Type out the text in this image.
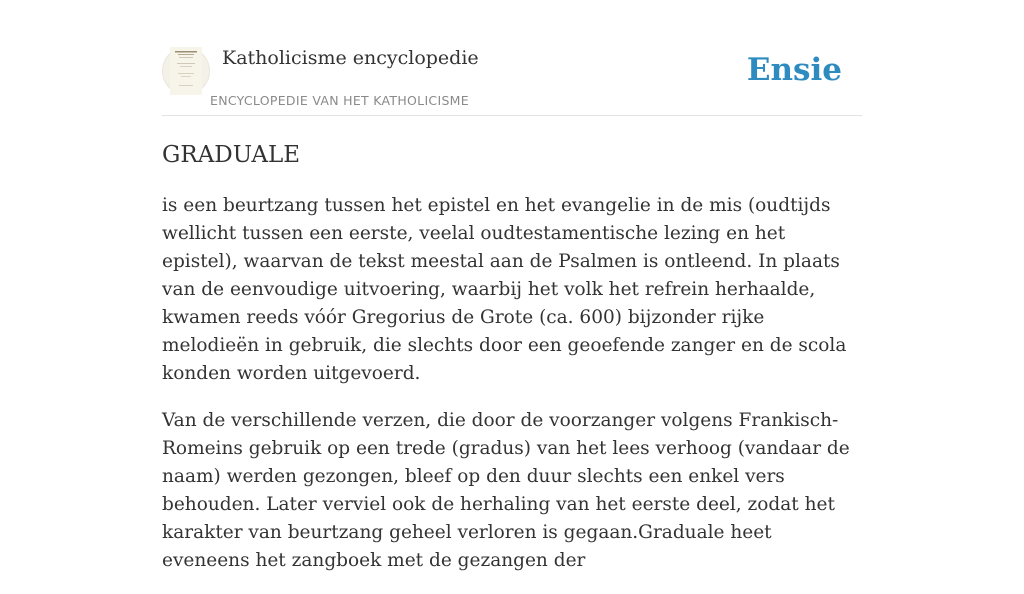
Katholicisme encyclopedie
ENCYCLOPEDIE VAN HET KATHOLICISME
Ensie
GRADUALE

is een beurtzang tussen het epistel en het evangelie in de mis (oudtijds wellicht tussen een eerste, veelal oudtestamentische lezing en het epistel), waarvan de tekst meestal aan de Psalmen is ontleend. In plaats van de eenvoudige uitvoering, waarbij het volk het refrein herhaalde, kwamen reeds vóór Gregorius de Grote (ca. 600) bijzonder rijke melodieën in gebruik, die slechts door een geoefende zanger en de scola konden worden uitgevoerd.

Van de verschillende verzen, die door de voorzanger volgens Frankisch-Romeins gebruik op een trede (gradus) van het lees verhoog (vandaar de naam) werden gezongen, bleef op den duur slechts een enkel vers behouden. Later verviel ook de herhaling van het eerste deel, zodat het karakter van beurtzang geheel verloren is gegaan.Graduale heet eveneens het zangboek met de gezangen der
